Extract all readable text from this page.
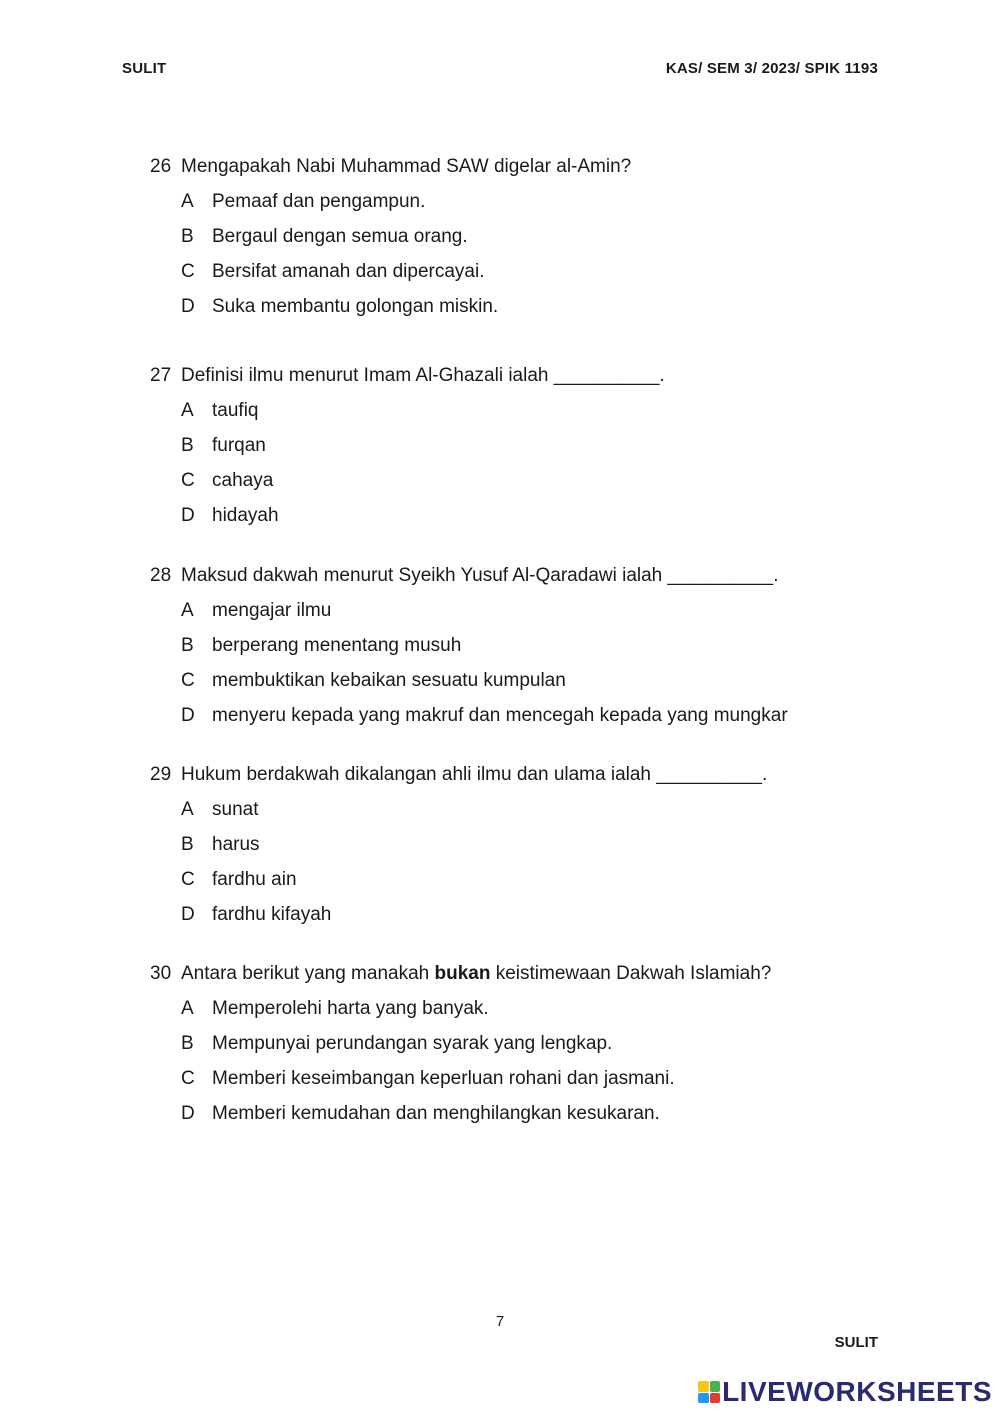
SULIT	KAS/ SEM 3/ 2023/ SPIK 1193
26 Mengapakah Nabi Muhammad SAW digelar al-Amin?
A Pemaaf dan pengampun.
B Bergaul dengan semua orang.
C Bersifat amanah dan dipercayai.
D Suka membantu golongan miskin.
27 Definisi ilmu menurut Imam Al-Ghazali ialah __________.
A taufiq
B furqan
C cahaya
D hidayah
28 Maksud dakwah menurut Syeikh Yusuf Al-Qaradawi ialah __________.
A mengajar ilmu
B berperang menentang musuh
C membuktikan kebaikan sesuatu kumpulan
D menyeru kepada yang makruf dan mencegah kepada yang mungkar
29 Hukum berdakwah dikalangan ahli ilmu dan ulama ialah __________.
A sunat
B harus
C fardhu ain
D fardhu kifayah
30 Antara berikut yang manakah bukan keistimewaan Dakwah Islamiah?
A Memperolehi harta yang banyak.
B Mempunyai perundangan syarak yang lengkap.
C Memberi keseimbangan keperluan rohani dan jasmani.
D Memberi kemudahan dan menghilangkan kesukaran.
7
SULIT
LIVEWORKSHEETS
